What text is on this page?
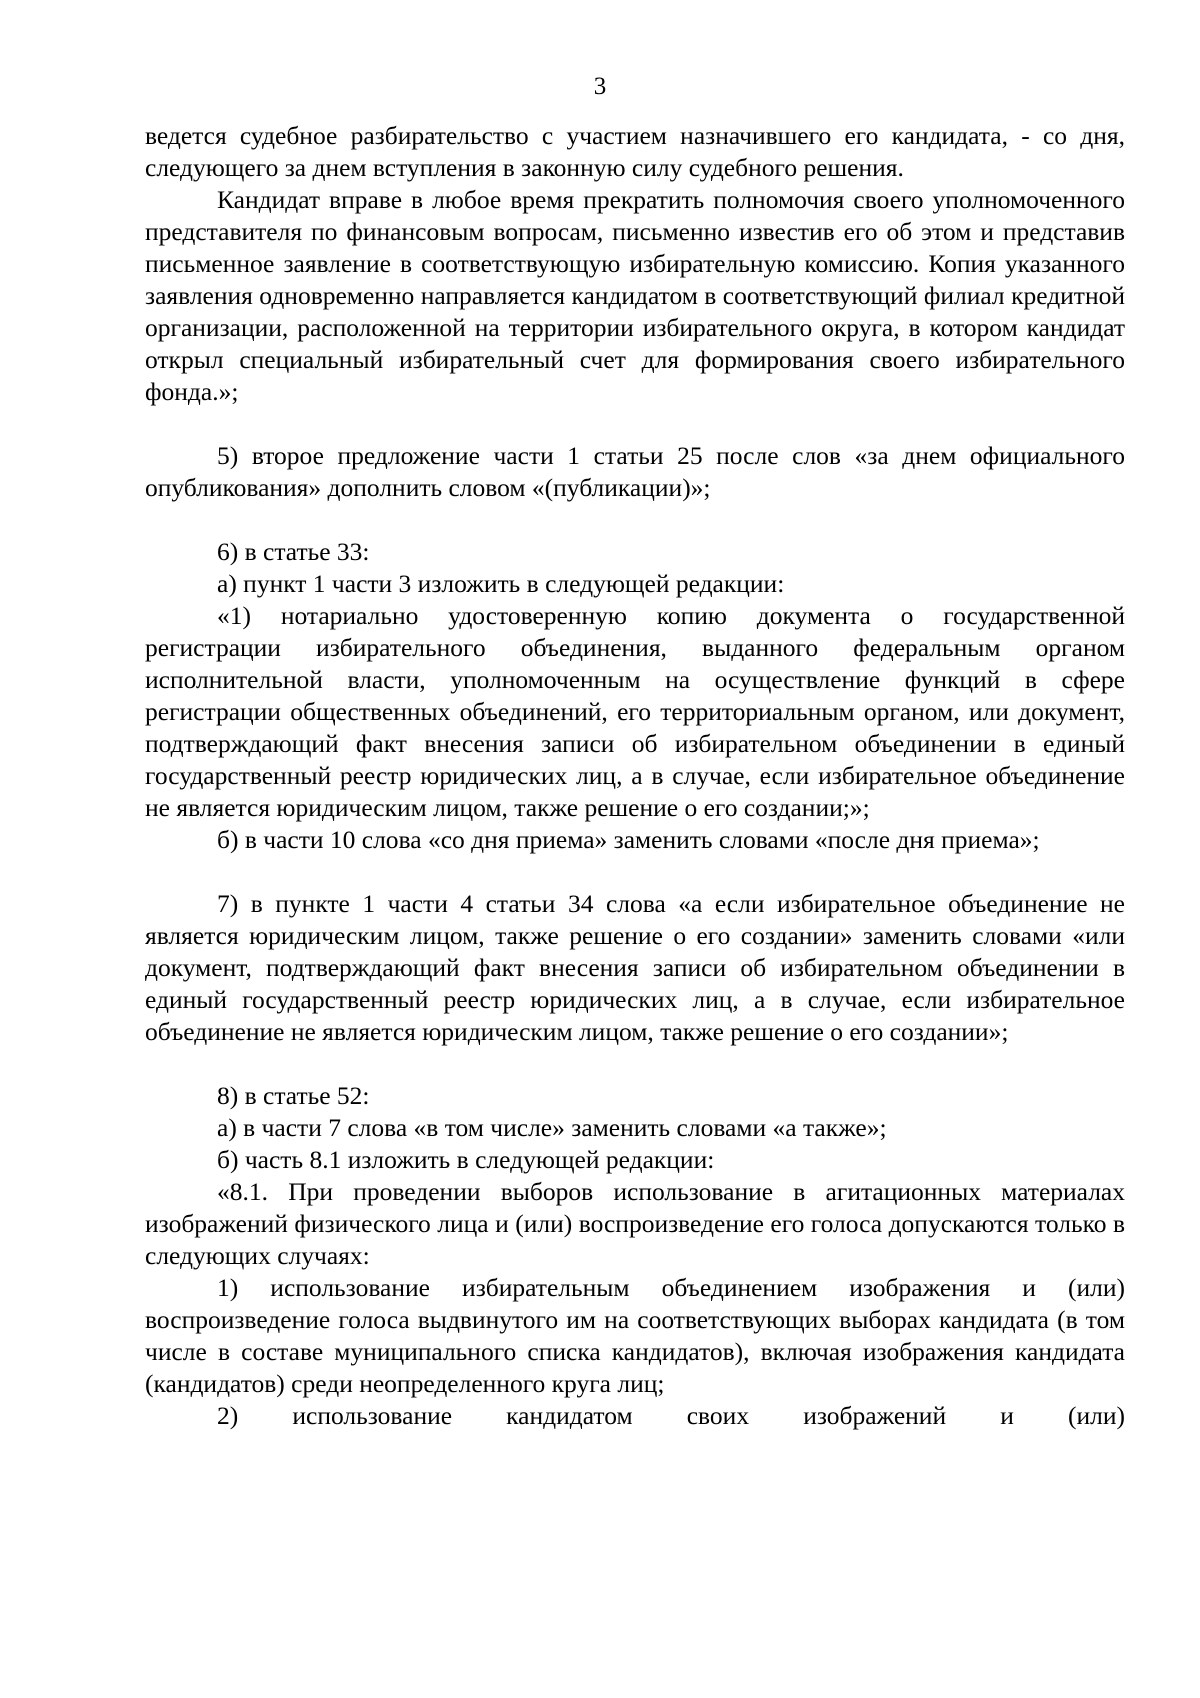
3

ведется судебное разбирательство с участием назначившего его кандидата, - со дня, следующего за днем вступления в законную силу судебного решения.

Кандидат вправе в любое время прекратить полномочия своего уполномоченного представителя по финансовым вопросам, письменно известив его об этом и представив письменное заявление в соответствующую избирательную комиссию. Копия указанного заявления одновременно направляется кандидатом в соответствующий филиал кредитной организации, расположенной на территории избирательного округа, в котором кандидат открыл специальный избирательный счет для формирования своего избирательного фонда.»;

5) второе предложение части 1 статьи 25 после слов «за днем официального опубликования» дополнить словом «(публикации)»;

6) в статье 33:

а) пункт 1 части 3 изложить в следующей редакции:

«1) нотариально удостоверенную копию документа о государственной регистрации избирательного объединения, выданного федеральным органом исполнительной власти, уполномоченным на осуществление функций в сфере регистрации общественных объединений, его территориальным органом, или документ, подтверждающий факт внесения записи об избирательном объединении в единый государственный реестр юридических лиц, а в случае, если избирательное объединение не является юридическим лицом, также решение о его создании;»;

б) в части 10 слова «со дня приема» заменить словами «после дня приема»;

7) в пункте 1 части 4 статьи 34 слова «а если избирательное объединение не является юридическим лицом, также решение о его создании» заменить словами «или документ, подтверждающий факт внесения записи об избирательном объединении в единый государственный реестр юридических лиц, а в случае, если избирательное объединение не является юридическим лицом, также решение о его создании»;

8) в статье 52:

а) в части 7 слова «в том числе» заменить словами «а также»;

б) часть 8.1 изложить в следующей редакции:

«8.1. При проведении выборов использование в агитационных материалах изображений физического лица и (или) воспроизведение его голоса допускаются только в следующих случаях:

1) использование избирательным объединением изображения и (или) воспроизведение голоса выдвинутого им на соответствующих выборах кандидата (в том числе в составе муниципального списка кандидатов), включая изображения кандидата (кандидатов) среди неопределенного круга лиц;

2) использование кандидатом своих изображений и (или)
